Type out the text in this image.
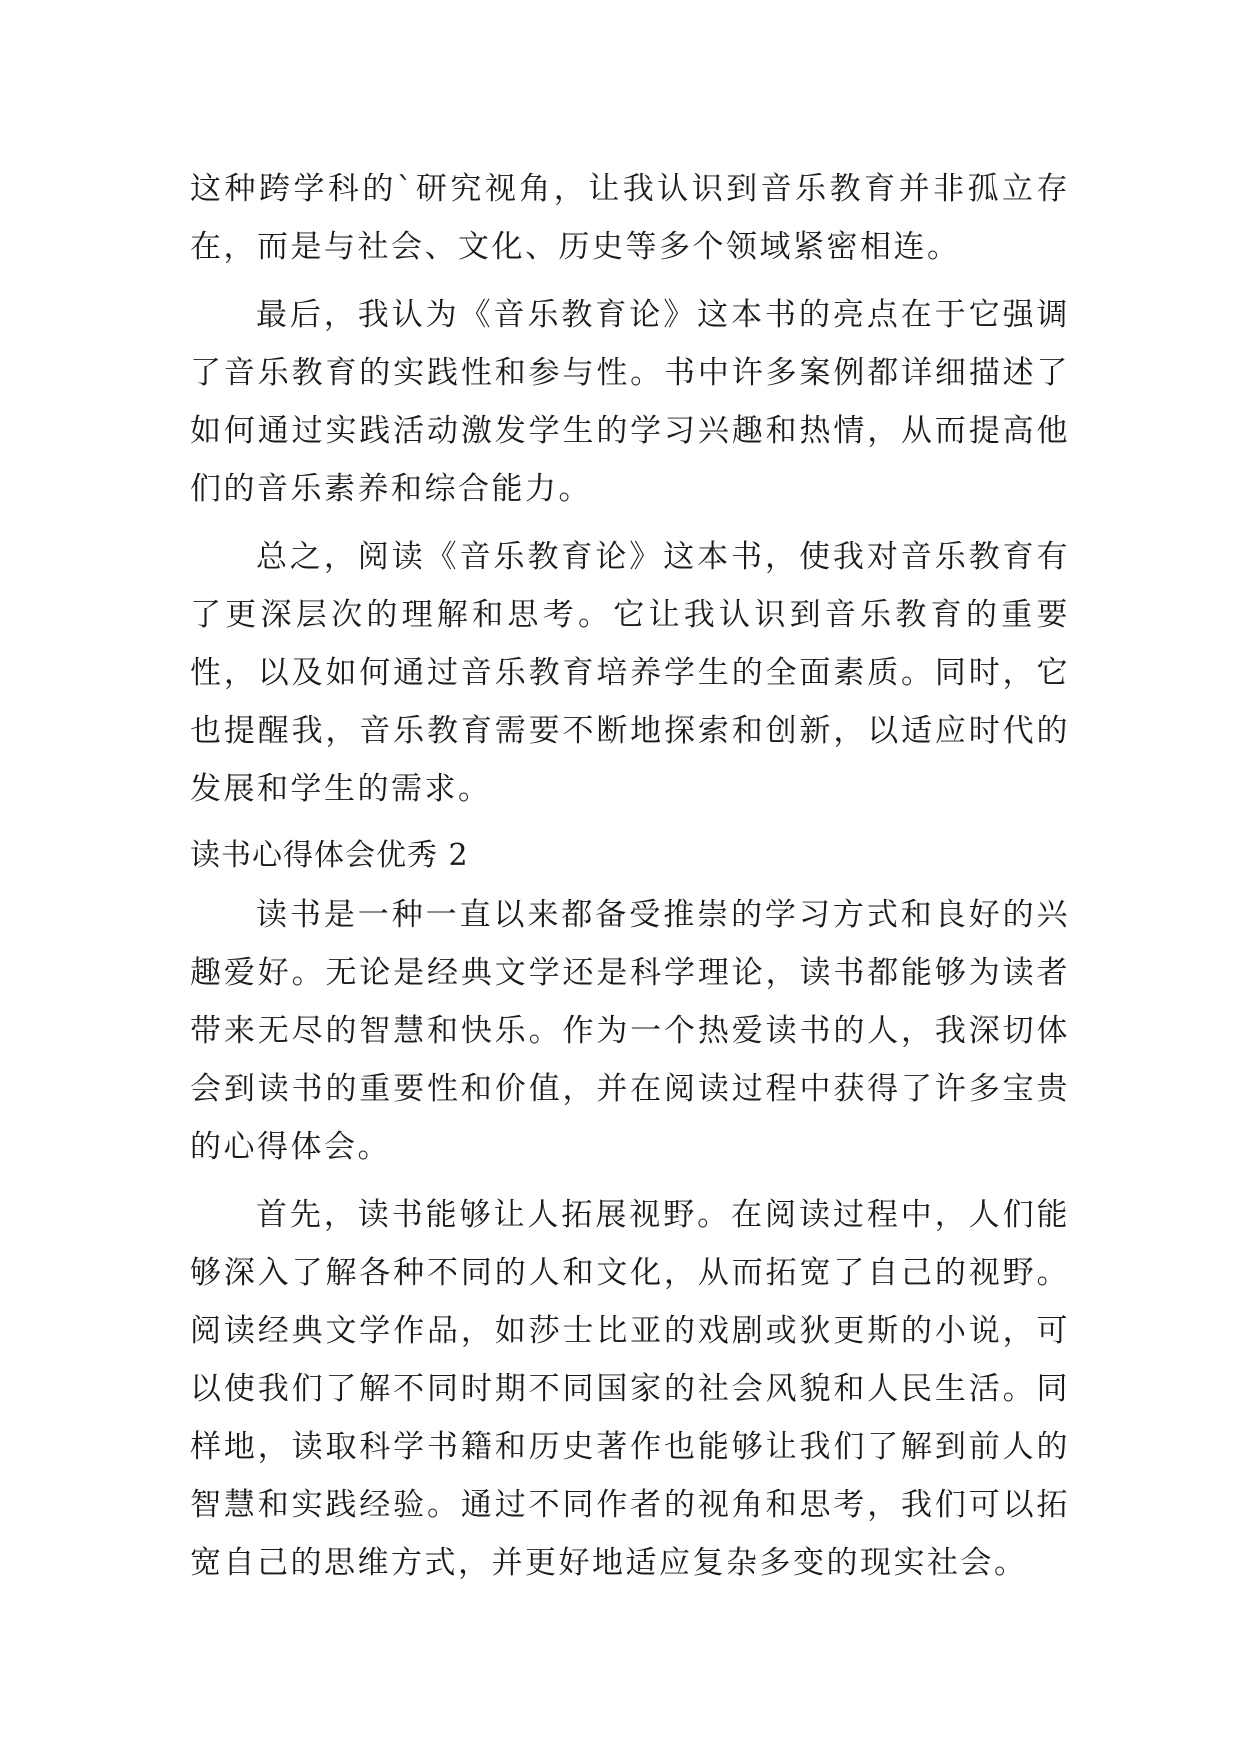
这种跨学科的`研究视角，让我认识到音乐教育并非孤立存在，而是与社会、文化、历史等多个领域紧密相连。

最后，我认为《音乐教育论》这本书的亮点在于它强调了音乐教育的实践性和参与性。书中许多案例都详细描述了如何通过实践活动激发学生的学习兴趣和热情，从而提高他们的音乐素养和综合能力。

总之，阅读《音乐教育论》这本书，使我对音乐教育有了更深层次的理解和思考。它让我认识到音乐教育的重要性，以及如何通过音乐教育培养学生的全面素质。同时，它也提醒我，音乐教育需要不断地探索和创新，以适应时代的发展和学生的需求。

读书心得体会优秀 2

读书是一种一直以来都备受推崇的学习方式和良好的兴趣爱好。无论是经典文学还是科学理论，读书都能够为读者带来无尽的智慧和快乐。作为一个热爱读书的人，我深切体会到读书的重要性和价值，并在阅读过程中获得了许多宝贵的心得体会。

首先，读书能够让人拓展视野。在阅读过程中，人们能够深入了解各种不同的人和文化，从而拓宽了自己的视野。阅读经典文学作品，如莎士比亚的戏剧或狄更斯的小说，可以使我们了解不同时期不同国家的社会风貌和人民生活。同样地，读取科学书籍和历史著作也能够让我们了解到前人的智慧和实践经验。通过不同作者的视角和思考，我们可以拓宽自己的思维方式，并更好地适应复杂多变的现实社会。
